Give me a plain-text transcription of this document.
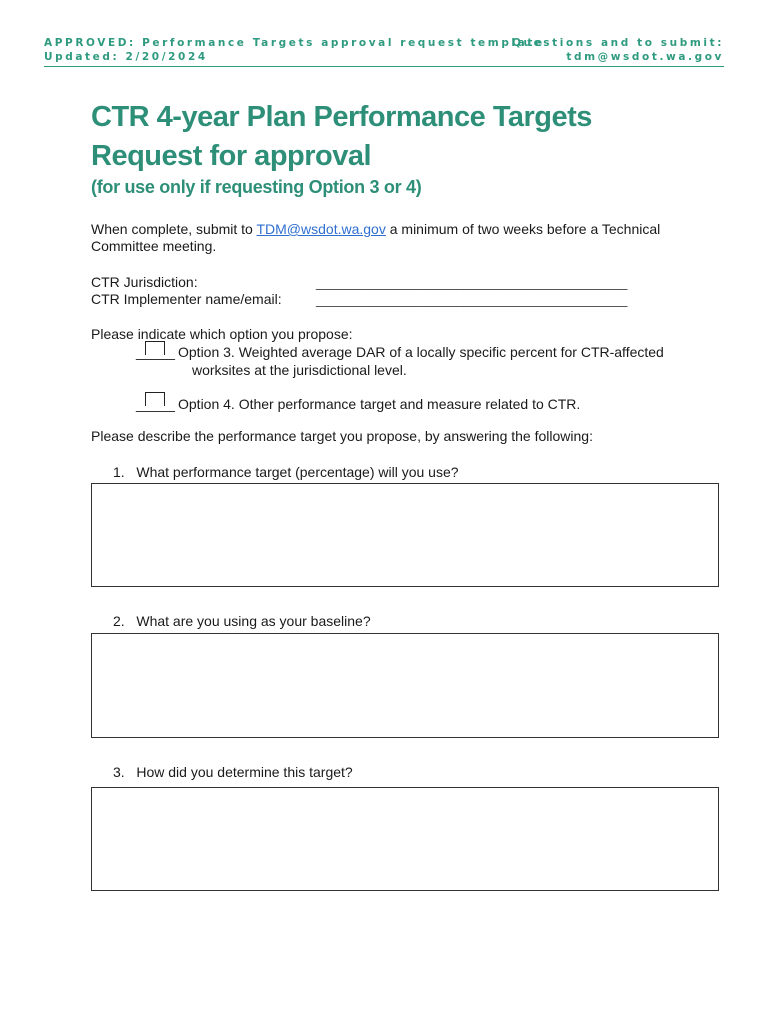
APPROVED: Performance Targets approval request template
Updated: 2/20/2024
Questions and to submit:
tdm@wsdot.wa.gov
CTR 4-year Plan Performance Targets
Request for approval
(for use only if requesting Option 3 or 4)
When complete, submit to TDM@wsdot.wa.gov a minimum of two weeks before a Technical
Committee meeting.
CTR Jurisdiction:	________________________________________
CTR Implementer name/email: ________________________________________
Please indicate which option you propose:
_____ Option 3. Weighted average DAR of a locally specific percent for CTR-affected
worksites at the jurisdictional level.
_____ Option 4. Other performance target and measure related to CTR.
Please describe the performance target you propose, by answering the following:
1. What performance target (percentage) will you use?
2. What are you using as your baseline?
3. How did you determine this target?
